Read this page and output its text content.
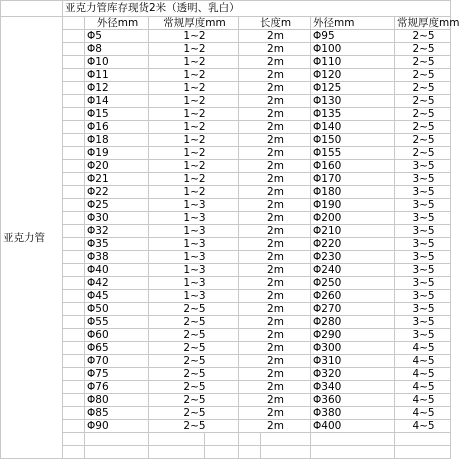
	亚克力管库存现货2米（透明、乳白）								
亚克力管		外径mm	常规厚度mm		长度m		外径mm	常规厚度mm	
		Φ5	1~2		2m		Φ95	2~5	
		Φ8	1~2		2m		Φ100	2~5	
		Φ10	1~2		2m		Φ110	2~5	
		Φ11	1~2		2m		Φ120	2~5	
		Φ12	1~2		2m		Φ125	2~5	
		Φ14	1~2		2m		Φ130	2~5	
		Φ15	1~2		2m		Φ135	2~5	
		Φ16	1~2		2m		Φ140	2~5	
		Φ18	1~2		2m		Φ150	2~5	
		Φ19	1~2		2m		Φ155	2~5	
		Φ20	1~2		2m		Φ160	3~5	
		Φ21	1~2		2m		Φ170	3~5	
		Φ22	1~2		2m		Φ180	3~5	
		Φ25	1~3		2m		Φ190	3~5	
		Φ30	1~3		2m		Φ200	3~5	
		Φ32	1~3		2m		Φ210	3~5	
		Φ35	1~3		2m		Φ220	3~5	
		Φ38	1~3		2m		Φ230	3~5	
		Φ40	1~3		2m		Φ240	3~5	
		Φ42	1~3		2m		Φ250	3~5	
		Φ45	1~3		2m		Φ260	3~5	
		Φ50	2~5		2m		Φ270	3~5	
		Φ55	2~5		2m		Φ280	3~5	
		Φ60	2~5		2m		Φ290	3~5	
		Φ65	2~5		2m		Φ300	4~5	
		Φ70	2~5		2m		Φ310	4~5	
		Φ75	2~5		2m		Φ320	4~5	
		Φ76	2~5		2m		Φ340	4~5	
		Φ80	2~5		2m		Φ360	4~5	
		Φ85	2~5		2m		Φ380	4~5	
		Φ90	2~5		2m		Φ400	4~5	
